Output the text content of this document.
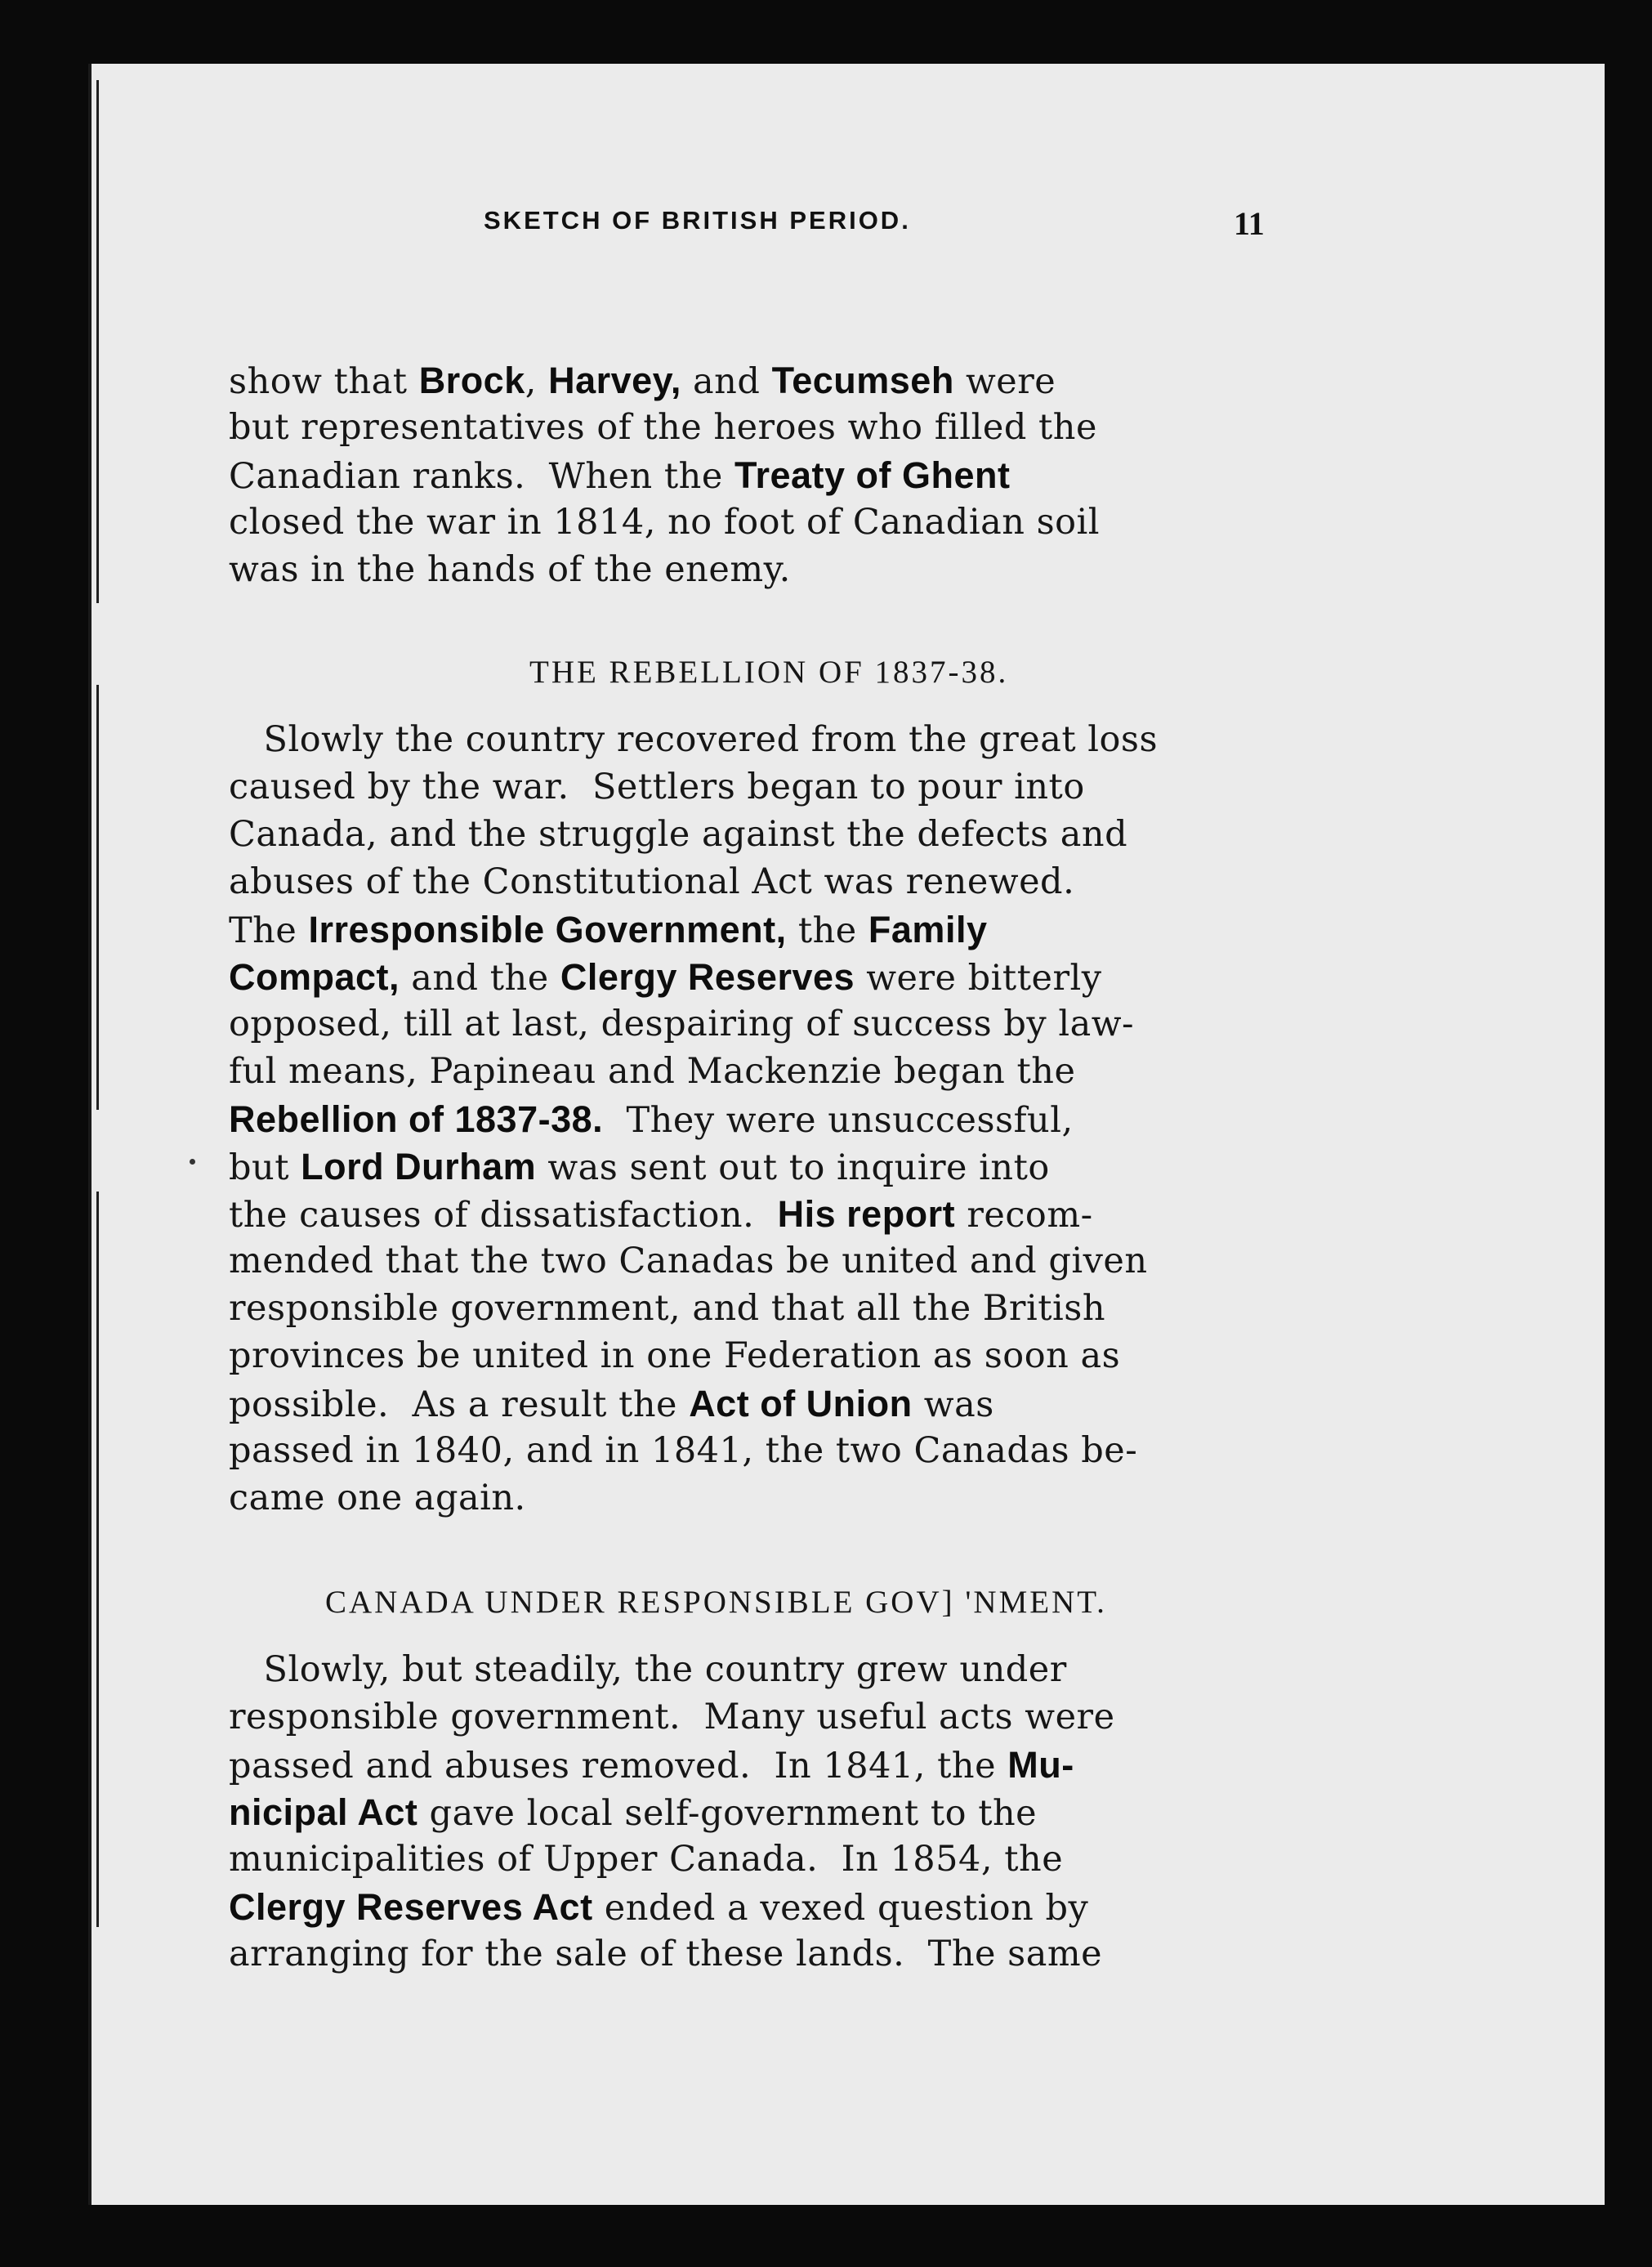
SKETCH OF BRITISH PERIOD.	11
THE REBELLION OF 1837-38.
CANADA UNDER RESPONSIBLE GOV] 'NMENT.
show that Brock, Harvey, and Tecumseh were
but representatives of the heroes who filled the
Canadian ranks.  When the Treaty of Ghent
closed the war in 1814, no foot of Canadian soil
was in the hands of the enemy.
Slowly the country recovered from the great loss
caused by the war.  Settlers began to pour into
Canada, and the struggle against the defects and
abuses of the Constitutional Act was renewed.
The Irresponsible Government, the Family
Compact, and the Clergy Reserves were bitterly
opposed, till at last, despairing of success by law-
ful means, Papineau and Mackenzie began the
Rebellion of 1837-38.  They were unsuccessful,
but Lord Durham was sent out to inquire into
the causes of dissatisfaction.  His report recom-
mended that the two Canadas be united and given
responsible government, and that all the British
provinces be united in one Federation as soon as
possible.  As a result the Act of Union was
passed in 1840, and in 1841, the two Canadas be-
came one again.
Slowly, but steadily, the country grew under
responsible government.  Many useful acts were
passed and abuses removed.  In 1841, the Mu-
nicipal Act gave local self-government to the
municipalities of Upper Canada.  In 1854, the
Clergy Reserves Act ended a vexed question by
arranging for the sale of these lands.  The same
